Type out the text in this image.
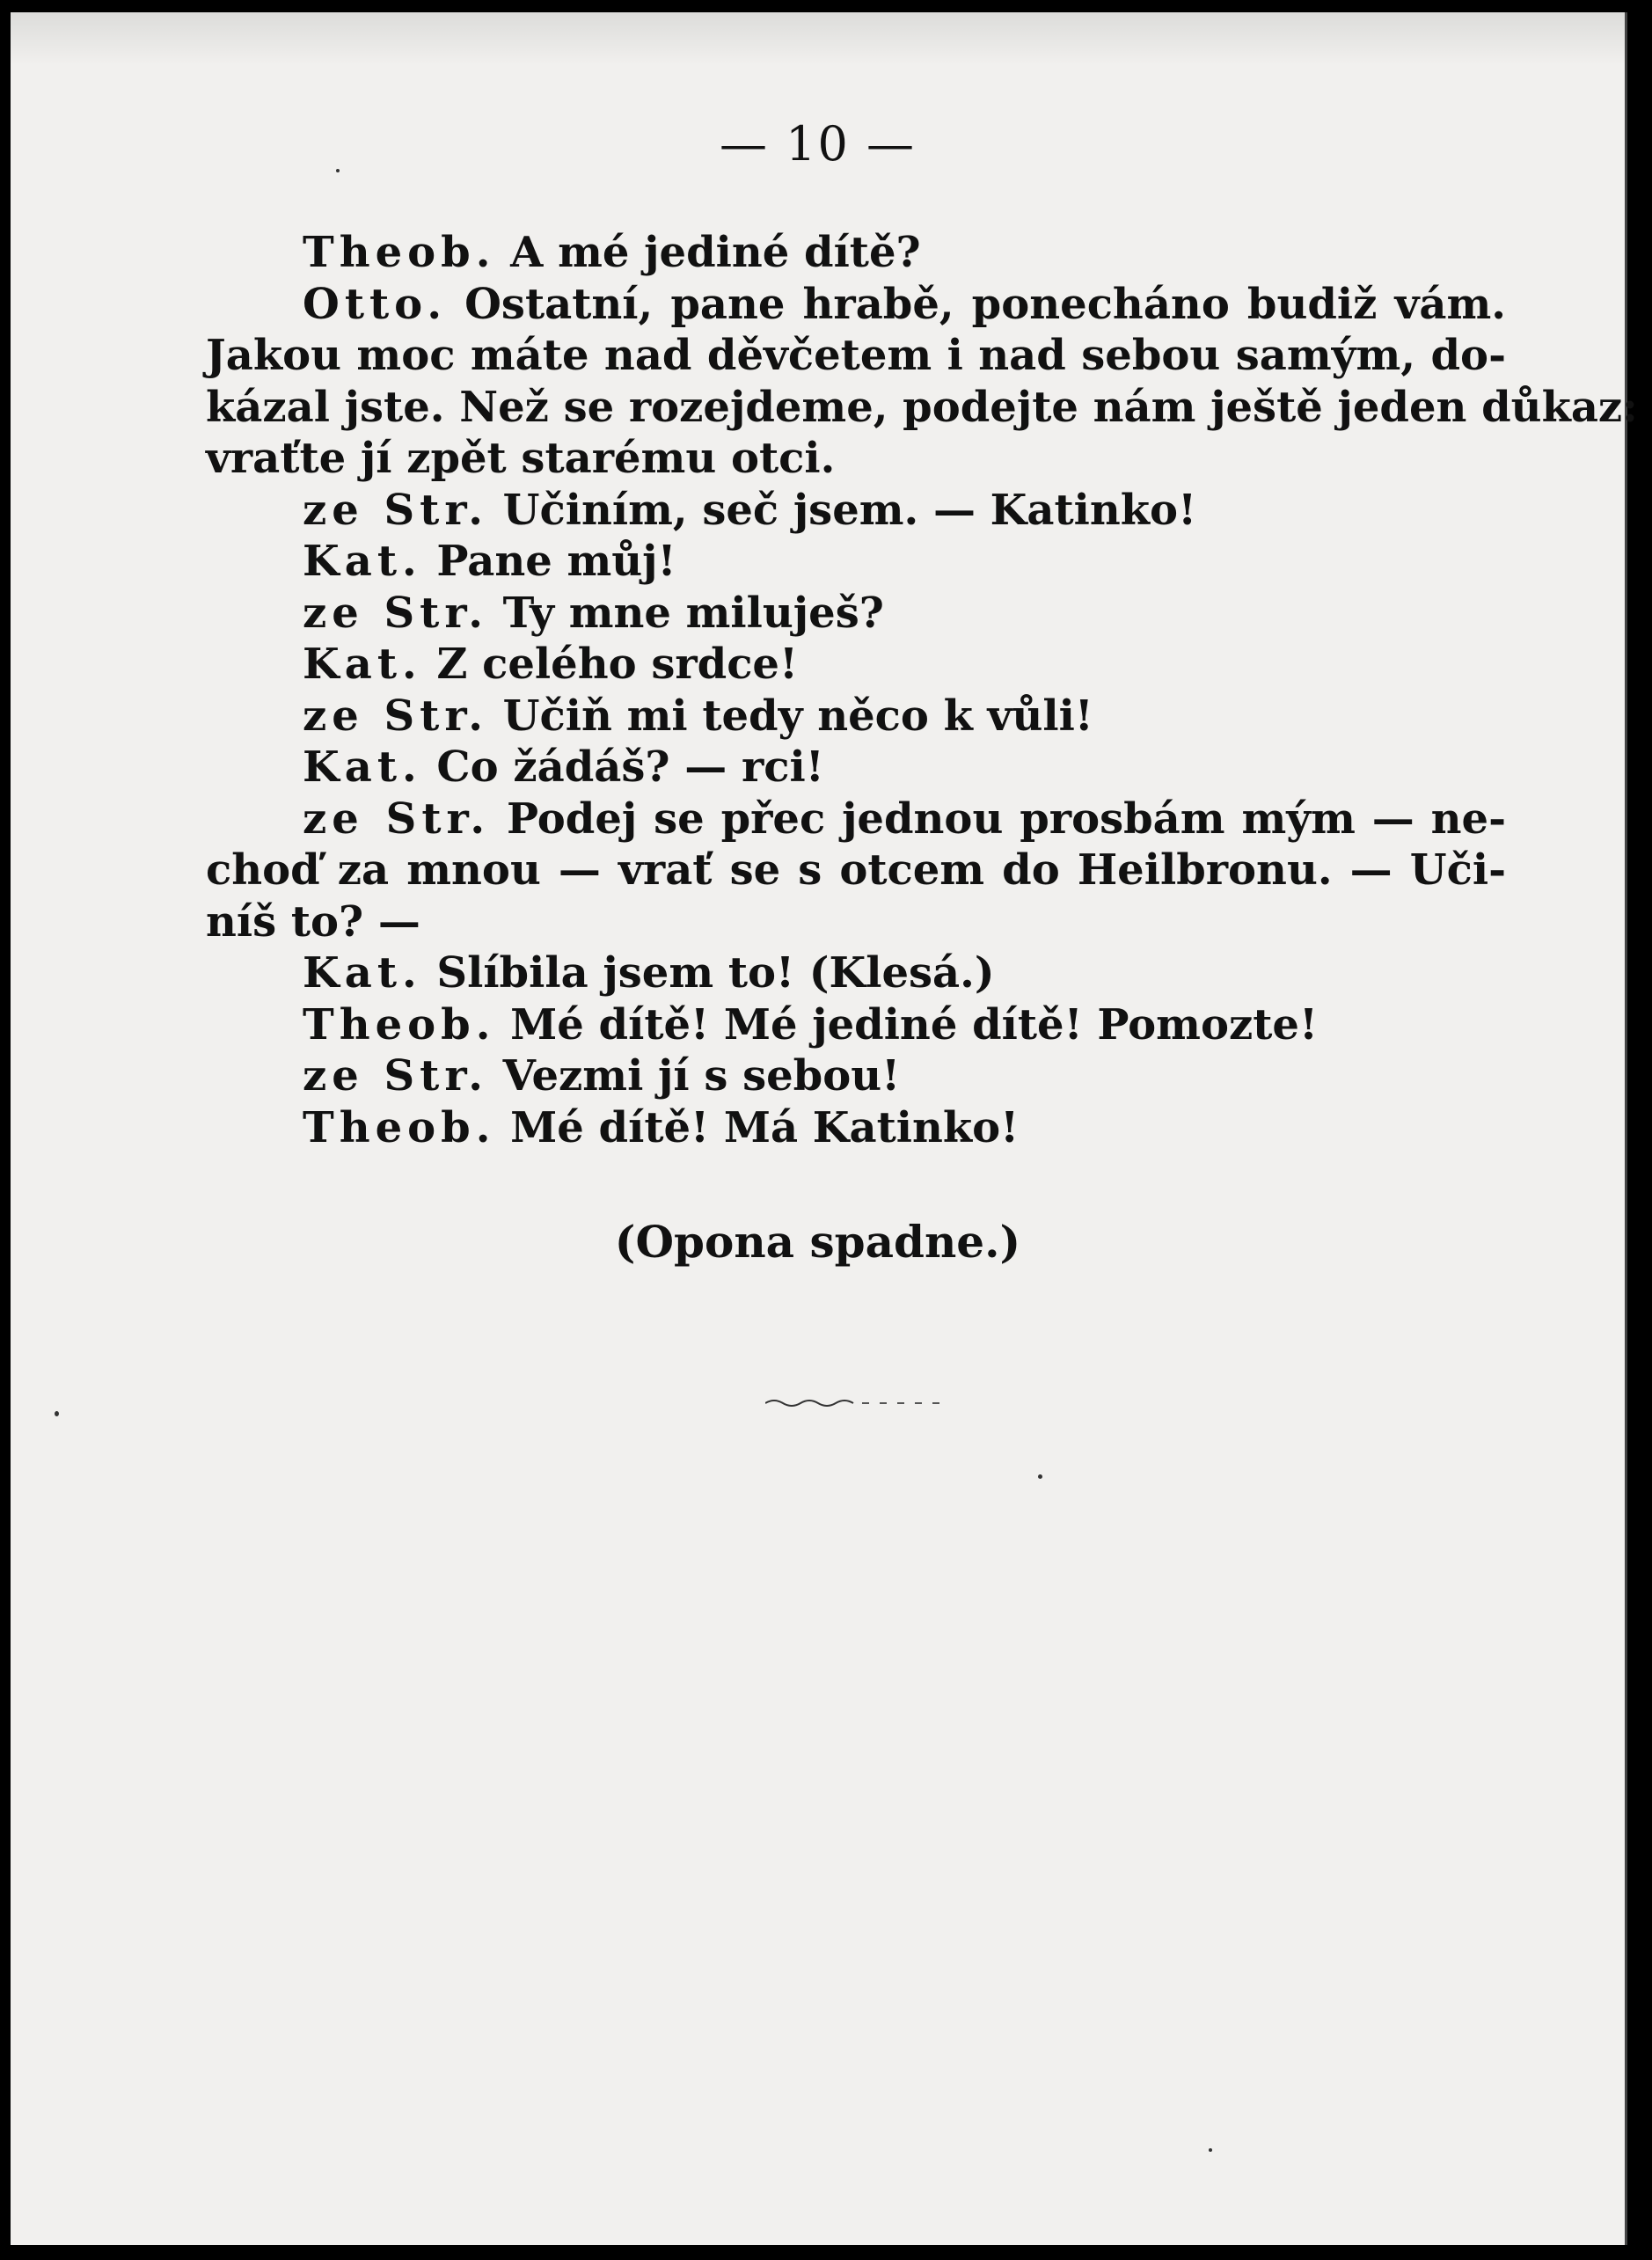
— 10 —
Theob. A mé jediné dítě?
Otto. Ostatní, pane hrabě, ponecháno budiž vám.
Jakou moc máte nad děvčetem i nad sebou samým, do-
kázal jste. Než se rozejdeme, podejte nám ještě jeden důkaz:
vraťte jí zpět starému otci.
ze Str. Učiním, seč jsem. — Katinko!
Kat. Pane můj!
ze Str. Ty mne miluješ?
Kat. Z celého srdce!
ze Str. Učiň mi tedy něco k vůli!
Kat. Co žádáš? — rci!
ze Str. Podej se přec jednou prosbám mým — ne-
choď za mnou — vrať se s otcem do Heilbronu. — Uči-
níš to? —
Kat. Slíbila jsem to! (Klesá.)
Theob. Mé dítě! Mé jediné dítě! Pomozte!
ze Str. Vezmi jí s sebou!
Theob. Mé dítě! Má Katinko!
(Opona spadne.)
